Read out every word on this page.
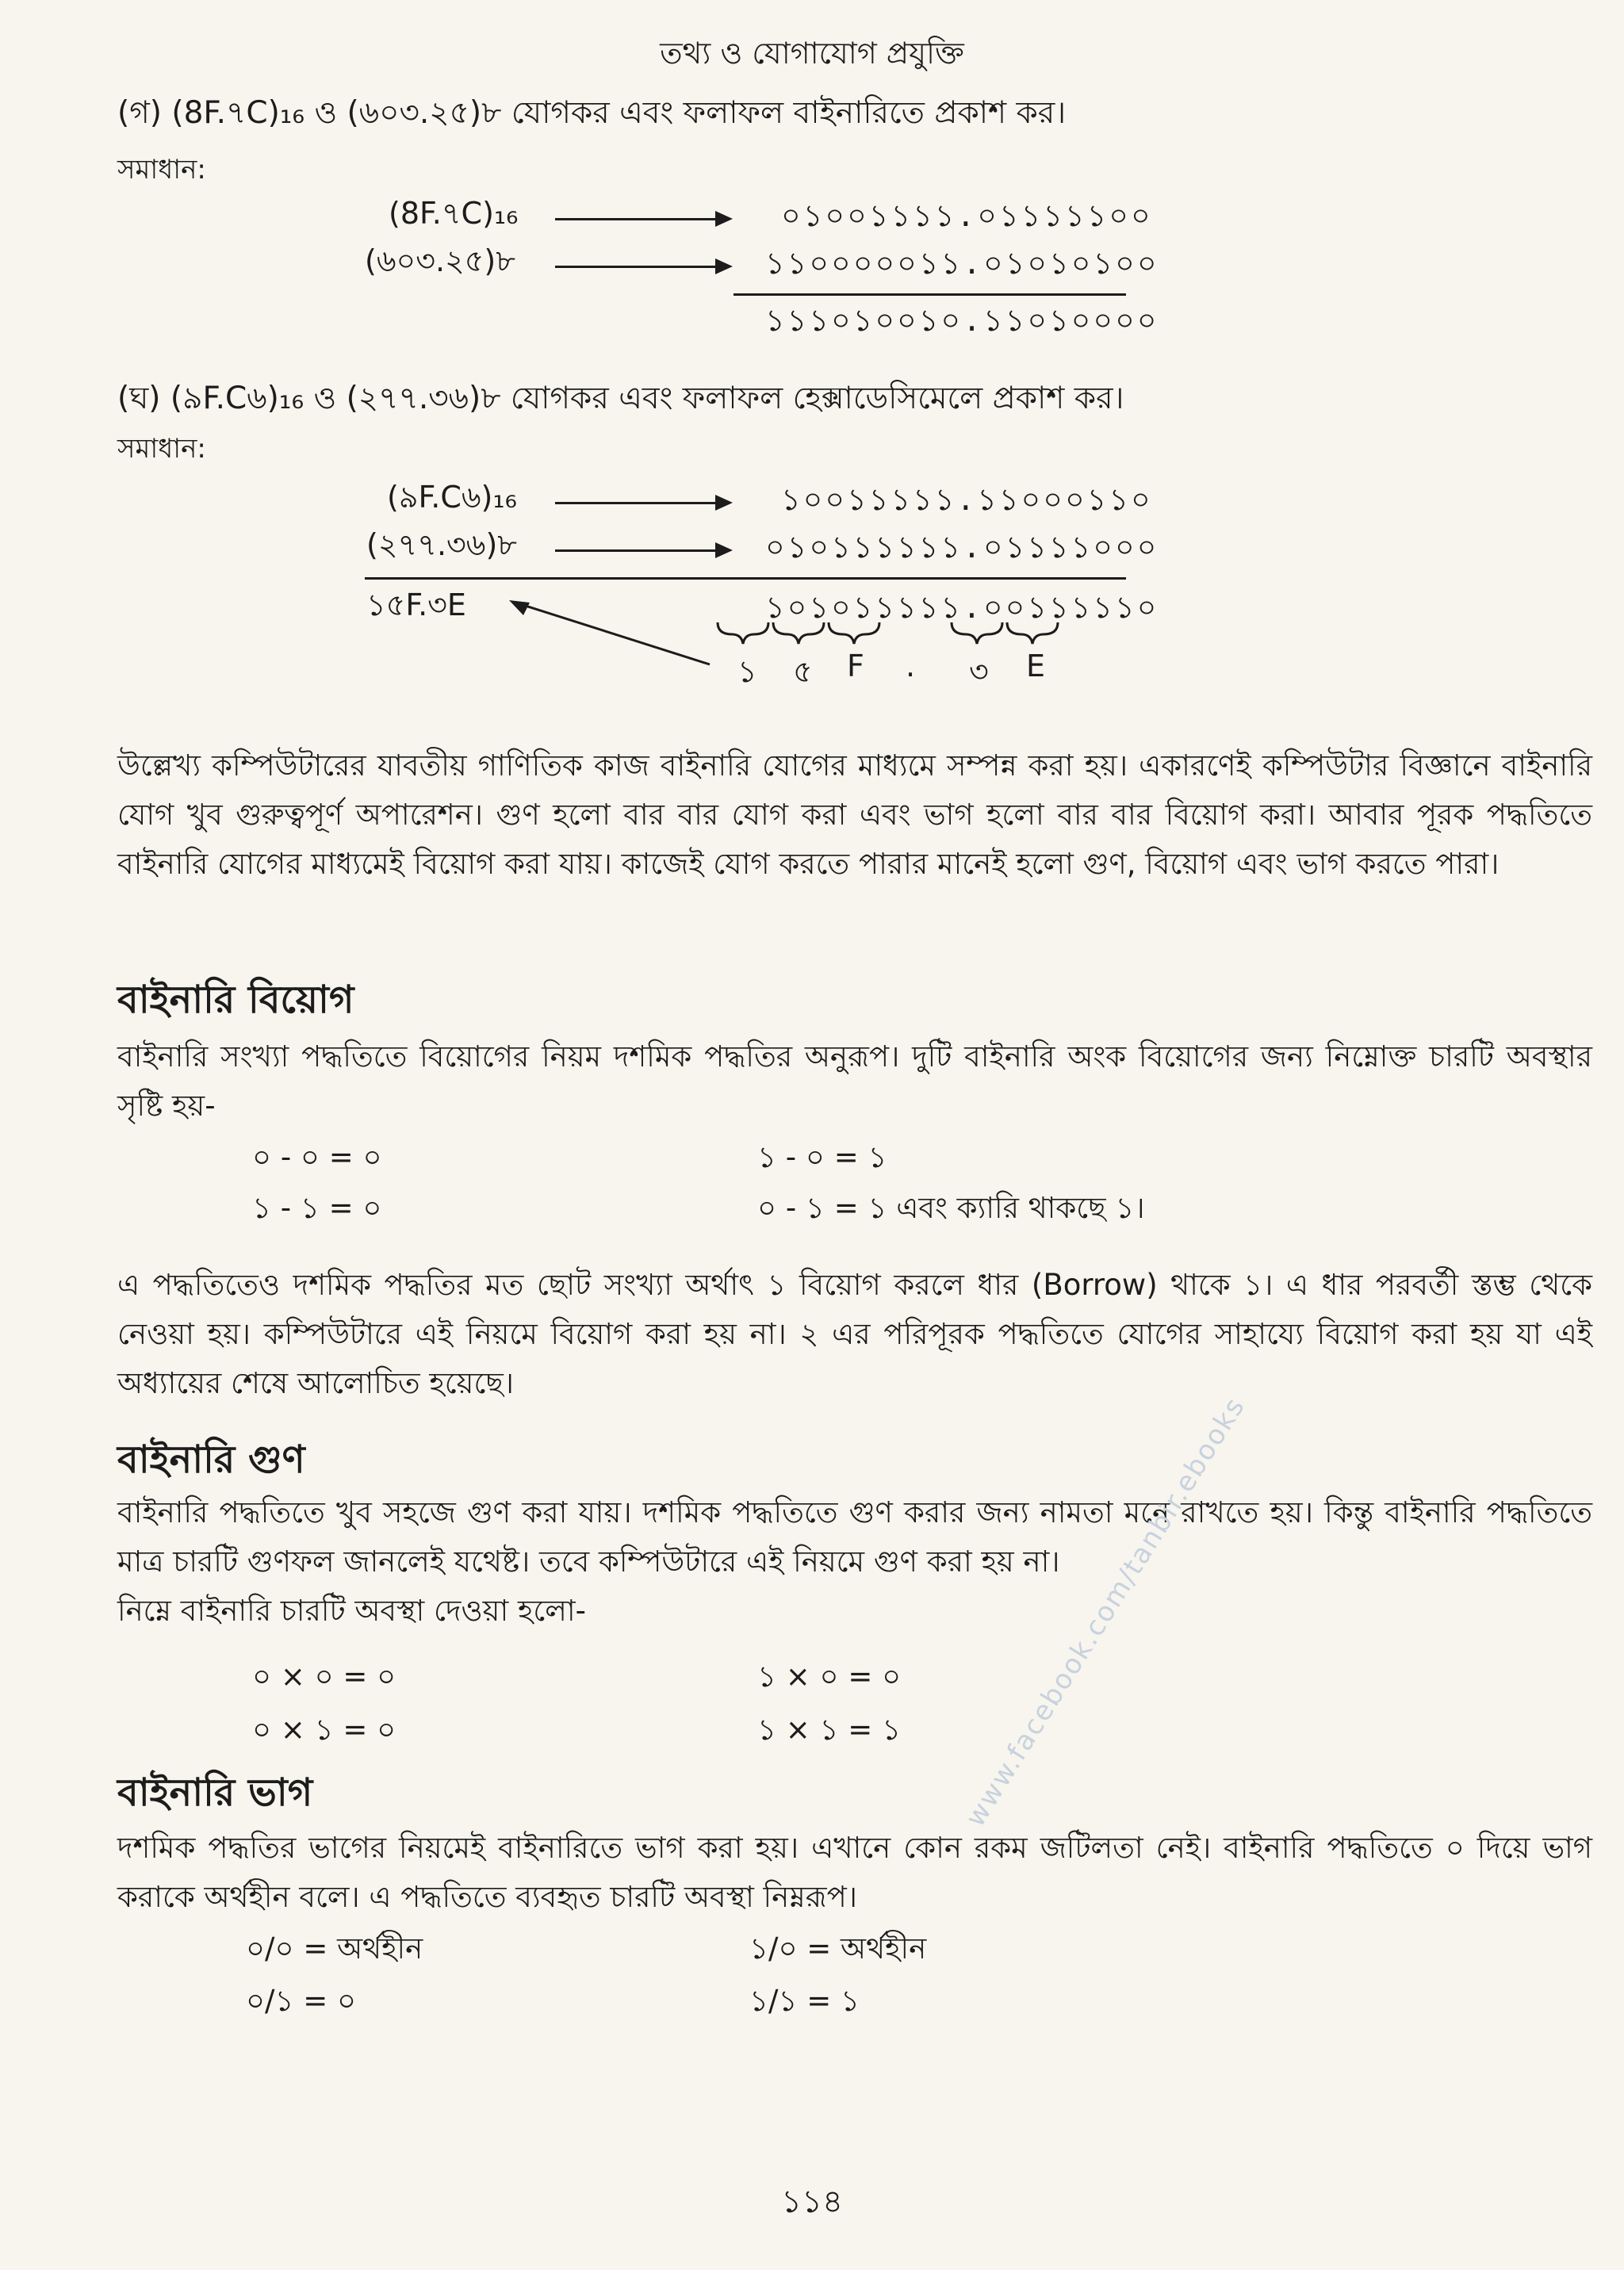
তথ্য ও যোগাযোগ প্রযুক্তি
(গ) (8F.৭C)₁₆ ও (৬০৩.২৫)৮ যোগকর এবং ফলাফল বাইনারিতে প্রকাশ কর।
সমাধান:
(8F.৭C)₁₆	০১০০১১১১.০১১১১১০০
(৬০৩.২৫)৮	১১০০০০০১১.০১০১০১০০
১১১০১০০১০.১১০১০০০০
(ঘ) (৯F.C৬)₁₆ ও (২৭৭.৩৬)৮ যোগকর এবং ফলাফল হেক্সাডেসিমেলে প্রকাশ কর।
সমাধান:
(৯F.C৬)₁₆	১০০১১১১১.১১০০০১১০
(২৭৭.৩৬)৮	০১০১১১১১১.০১১১১০০০
১৫F.৩E	১০১০১১১১১.০০১১১১১০
১ ৫ F . ৩ E
উল্লেখ্য কম্পিউটারের যাবতীয় গাণিতিক কাজ বাইনারি যোগের মাধ্যমে সম্পন্ন করা হয়। একারণেই কম্পিউটার বিজ্ঞানে বাইনারি যোগ খুব গুরুত্বপূর্ণ অপারেশন। গুণ হলো বার বার যোগ করা এবং ভাগ হলো বার বার বিয়োগ করা। আবার পূরক পদ্ধতিতে বাইনারি যোগের মাধ্যমেই বিয়োগ করা যায়। কাজেই যোগ করতে পারার মানেই হলো গুণ, বিয়োগ এবং ভাগ করতে পারা।
বাইনারি বিয়োগ
বাইনারি সংখ্যা পদ্ধতিতে বিয়োগের নিয়ম দশমিক পদ্ধতির অনুরূপ। দুটি বাইনারি অংক বিয়োগের জন্য নিম্নোক্ত চারটি অবস্থার সৃষ্টি হয়-
০ - ০ = ০	১ - ০ = ১
১ - ১ = ০	০ - ১ = ১ এবং ক্যারি থাকছে ১।
এ পদ্ধতিতেও দশমিক পদ্ধতির মত ছোট সংখ্যা অর্থাৎ ১ বিয়োগ করলে ধার (Borrow) থাকে ১। এ ধার পরবর্তী স্তম্ভ থেকে নেওয়া হয়। কম্পিউটারে এই নিয়মে বিয়োগ করা হয় না। ২ এর পরিপূরক পদ্ধতিতে যোগের সাহায্যে বিয়োগ করা হয় যা এই অধ্যায়ের শেষে আলোচিত হয়েছে।
বাইনারি গুণ
বাইনারি পদ্ধতিতে খুব সহজে গুণ করা যায়। দশমিক পদ্ধতিতে গুণ করার জন্য নামতা মনে রাখতে হয়। কিন্তু বাইনারি পদ্ধতিতে মাত্র চারটি গুণফল জানলেই যথেষ্ট। তবে কম্পিউটারে এই নিয়মে গুণ করা হয় না।
নিম্নে বাইনারি চারটি অবস্থা দেওয়া হলো-
০ × ০ = ০	১ × ০ = ০
০ × ১ = ০	১ × ১ = ১
বাইনারি ভাগ
দশমিক পদ্ধতির ভাগের নিয়মেই বাইনারিতে ভাগ করা হয়। এখানে কোন রকম জটিলতা নেই। বাইনারি পদ্ধতিতে ০ দিয়ে ভাগ করাকে অর্থহীন বলে। এ পদ্ধতিতে ব্যবহৃত চারটি অবস্থা নিম্নরূপ।
০/০ = অর্থহীন	১/০ = অর্থহীন
০/১ = ০	১/১ = ১
www.facebook.com/tanbir.ebooks
১১৪
